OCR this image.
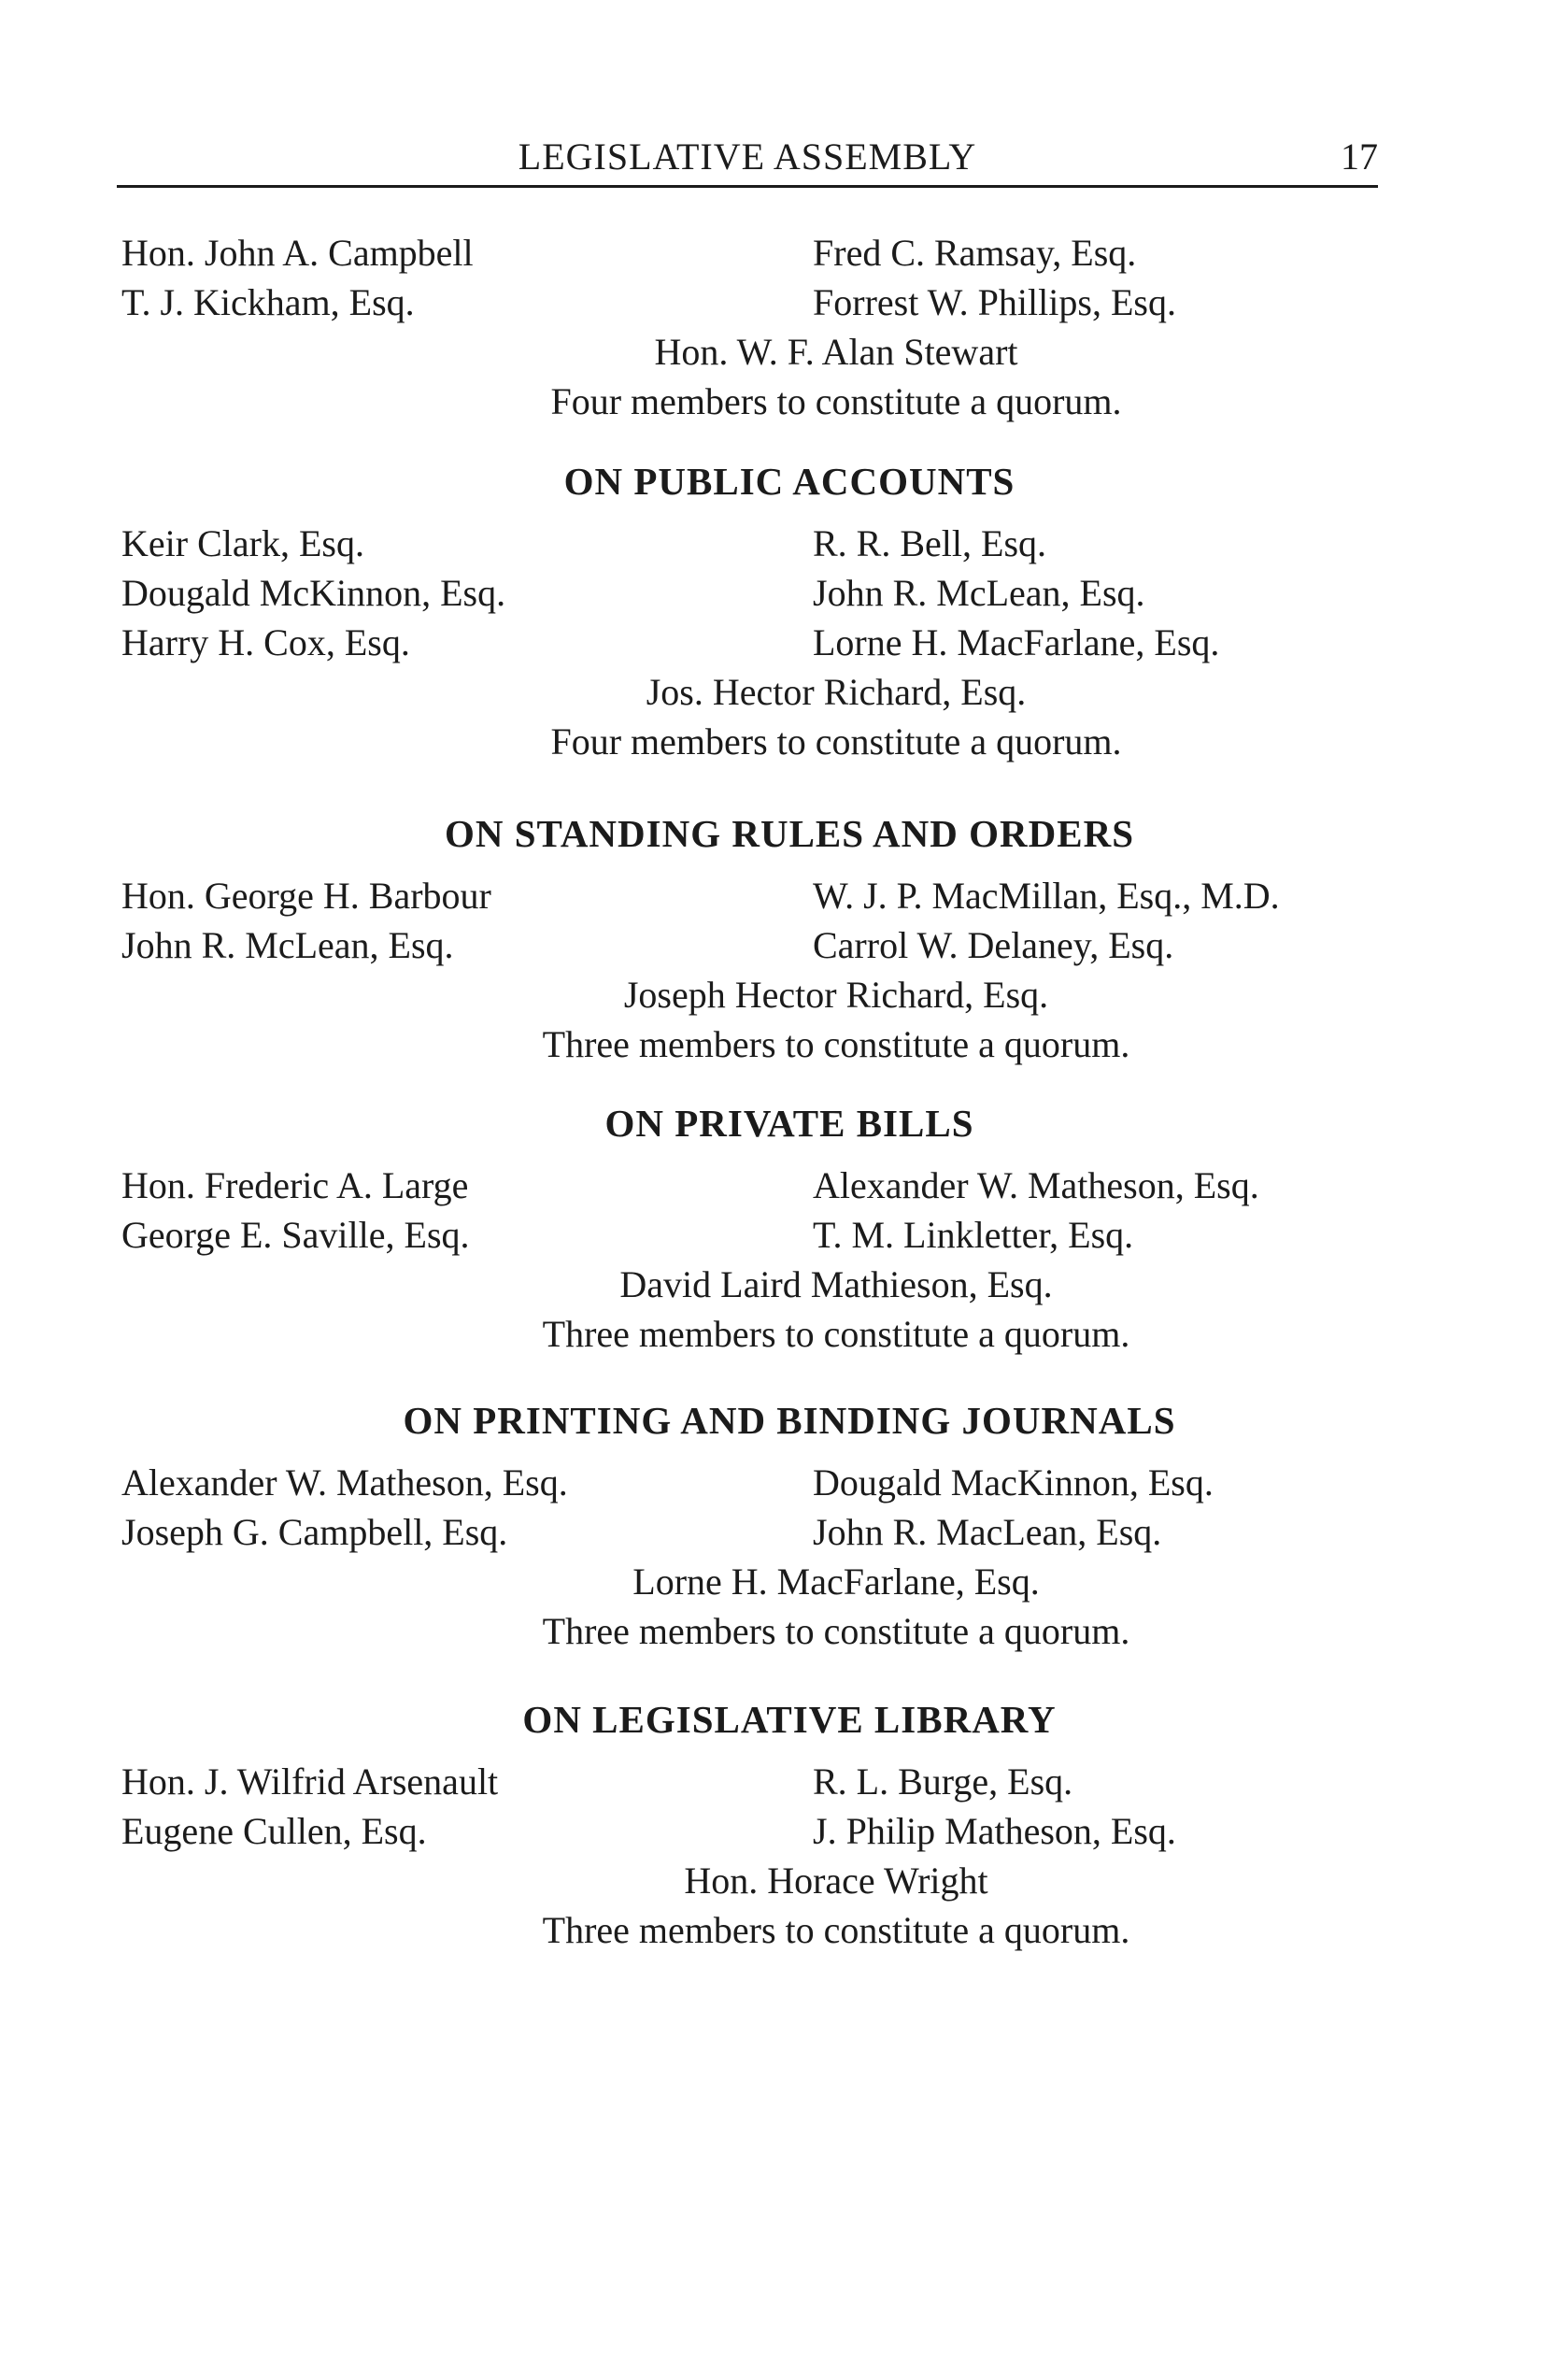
LEGISLATIVE ASSEMBLY	17
Hon. John A. Campbell	Fred C. Ramsay, Esq.
T. J. Kickham, Esq.	Forrest W. Phillips, Esq.
Hon. W. F. Alan Stewart
Four members to constitute a quorum.
ON PUBLIC ACCOUNTS
Keir Clark, Esq.	R. R. Bell, Esq.
Dougald McKinnon, Esq.	John R. McLean, Esq.
Harry H. Cox, Esq.	Lorne H. MacFarlane, Esq.
Jos. Hector Richard, Esq.
Four members to constitute a quorum.
ON STANDING RULES AND ORDERS
Hon. George H. Barbour	W. J. P. MacMillan, Esq., M.D.
John R. McLean, Esq.	Carrol W. Delaney, Esq.
Joseph Hector Richard, Esq.
Three members to constitute a quorum.
ON PRIVATE BILLS
Hon. Frederic A. Large	Alexander W. Matheson, Esq.
George E. Saville, Esq.	T. M. Linkletter, Esq.
David Laird Mathieson, Esq.
Three members to constitute a quorum.
ON PRINTING AND BINDING JOURNALS
Alexander W. Matheson, Esq.	Dougald MacKinnon, Esq.
Joseph G. Campbell, Esq.	John R. MacLean, Esq.
Lorne H. MacFarlane, Esq.
Three members to constitute a quorum.
ON LEGISLATIVE LIBRARY
Hon. J. Wilfrid Arsenault	R. L. Burge, Esq.
Eugene Cullen, Esq.	J. Philip Matheson, Esq.
Hon. Horace Wright
Three members to constitute a quorum.
